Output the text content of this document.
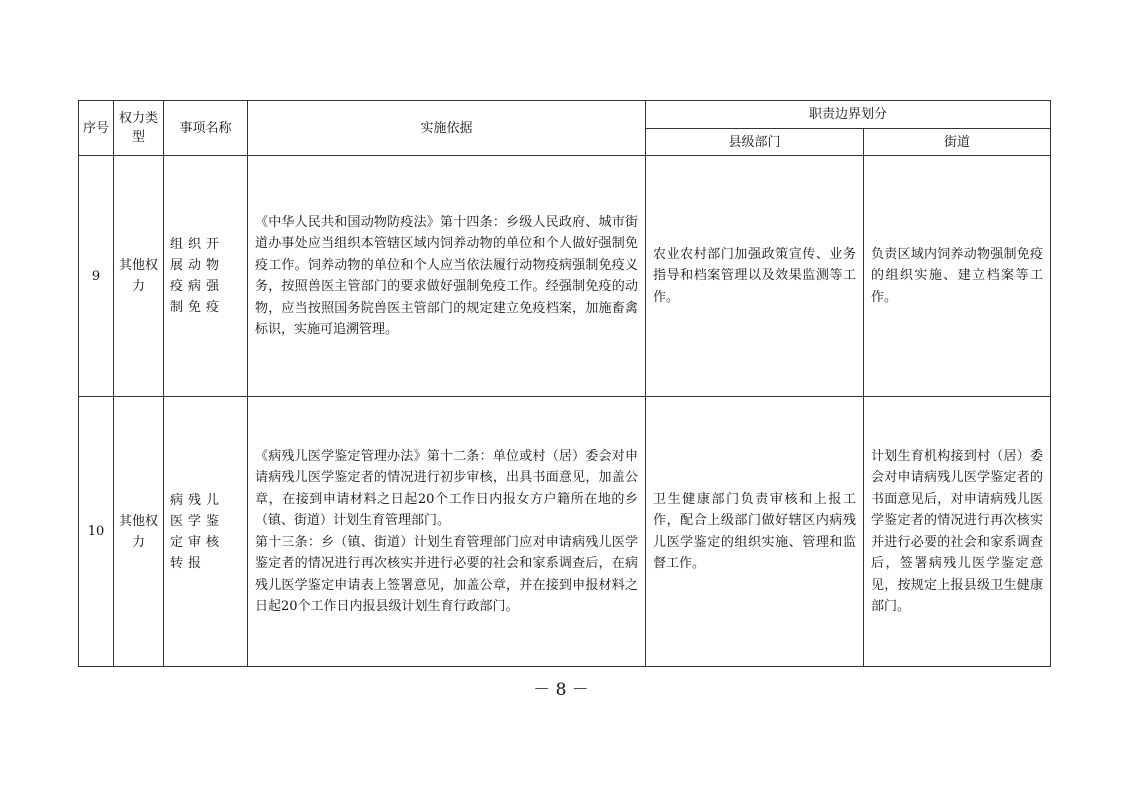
序号	权力类型	事项名称	实施依据	职责边界划分	
				县级部门	街道
9	其他权力	组织开展动物疫病强制免疫	《中华人民共和国动物防疫法》第十四条：乡级人民政府、城市街道办事处应当组织本管辖区域内饲养动物的单位和个人做好强制免疫工作。饲养动物的单位和个人应当依法履行动物疫病强制免疫义务，按照兽医主管部门的要求做好强制免疫工作。经强制免疫的动物，应当按照国务院兽医主管部门的规定建立免疫档案，加施畜禽标识，实施可追溯管理。	农业农村部门加强政策宣传、业务指导和档案管理以及效果监测等工作。	负责区域内饲养动物强制免疫的组织实施、建立档案等工作。
10	其他权力	病残儿医学鉴定审核转报	《病残儿医学鉴定管理办法》第十二条：单位或村（居）委会对申请病残儿医学鉴定者的情况进行初步审核，出具书面意见，加盖公章，在接到申请材料之日起20个工作日内报女方户籍所在地的乡（镇、街道）计划生育管理部门。
第十三条：乡（镇、街道）计划生育管理部门应对申请病残儿医学鉴定者的情况进行再次核实并进行必要的社会和家系调查后，在病残儿医学鉴定申请表上签署意见，加盖公章，并在接到申报材料之日起20个工作日内报县级计划生育行政部门。	卫生健康部门负责审核和上报工作，配合上级部门做好辖区内病残儿医学鉴定的组织实施、管理和监督工作。	计划生育机构接到村（居）委会对申请病残儿医学鉴定者的书面意见后，对申请病残儿医学鉴定者的情况进行再次核实并进行必要的社会和家系调查后，签署病残儿医学鉴定意见，按规定上报县级卫生健康部门。
－ 8 －
